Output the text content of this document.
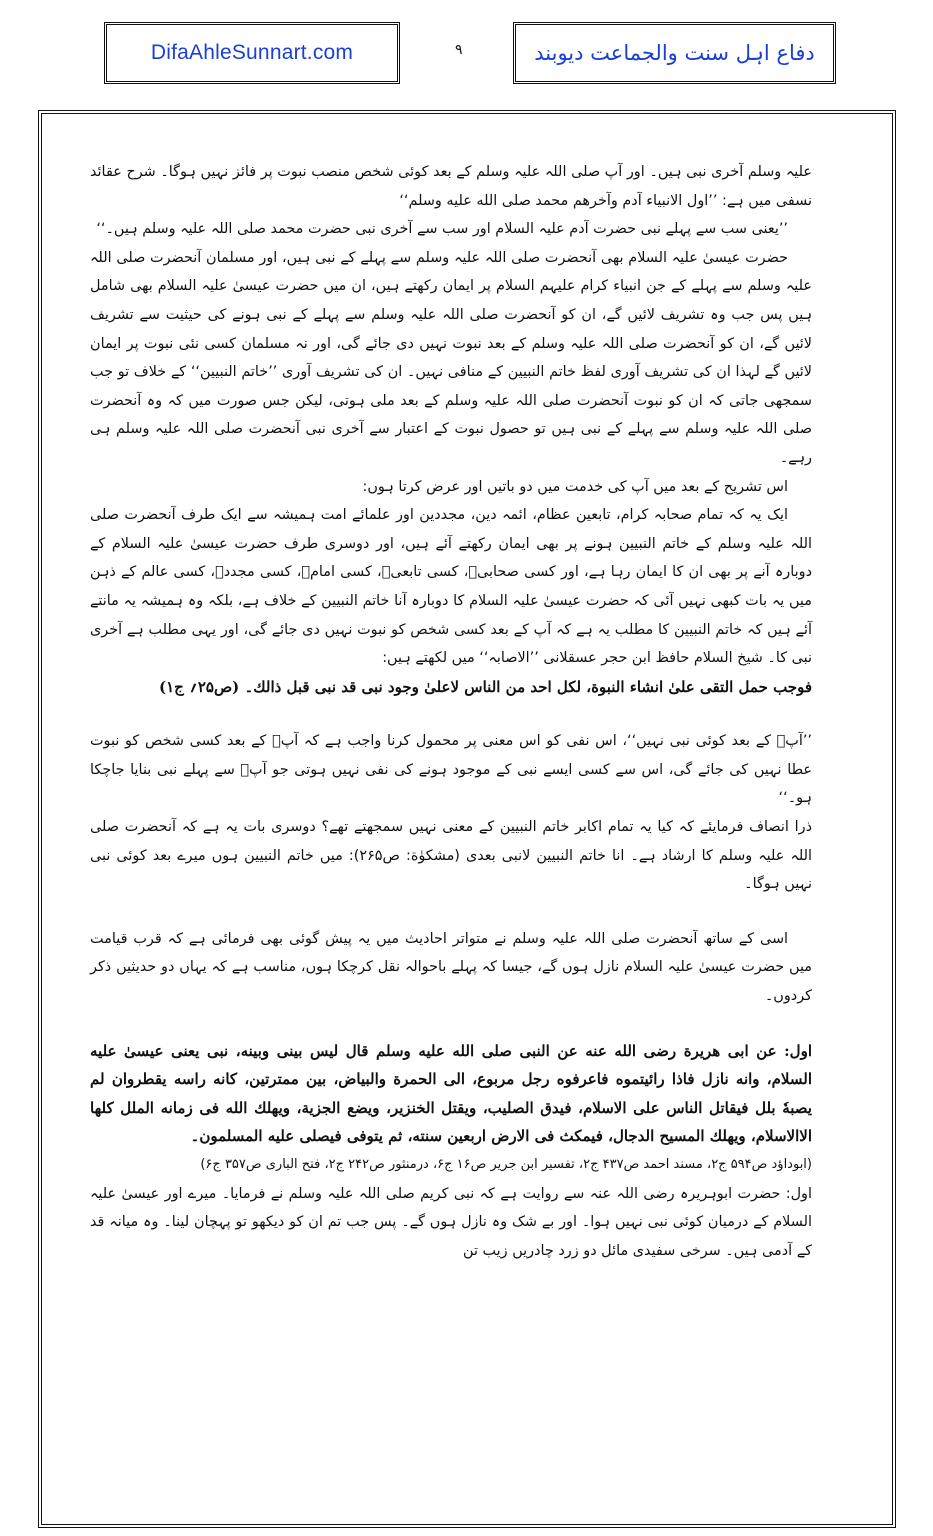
DifaAhleSunnart.com	۹	دفاع اہل سنت والجماعت دیوبند

علیہ وسلم آخری نبی ہیں۔ اور آپ صلی اللہ علیہ وسلم کے بعد کوئی شخص منصب نبوت پر فائز نہیں ہوگا۔ شرح عقائد نسفی میں ہے: ’’اول الانبیاء آدم وآخرهم محمد صلى الله عليه وسلم‘‘

’’یعنی سب سے پہلے نبی حضرت آدم علیہ السلام اور سب سے آخری نبی حضرت محمد صلی اللہ علیہ وسلم ہیں۔‘‘

حضرت عیسیٰ علیہ السلام بھی آنحضرت صلی اللہ علیہ وسلم سے پہلے کے نبی ہیں، اور مسلمان آنحضرت صلی اللہ علیہ وسلم سے پہلے کے جن انبیاء کرام علیہم السلام پر ایمان رکھتے ہیں، ان میں حضرت عیسیٰ علیہ السلام بھی شامل ہیں پس جب وہ تشریف لائیں گے، ان کو آنحضرت صلی اللہ علیہ وسلم سے پہلے کے نبی ہونے کی حیثیت سے تشریف لائیں گے، ان کو آنحضرت صلی اللہ علیہ وسلم کے بعد نبوت نہیں دی جائے گی، اور نہ مسلمان کسی نئی نبوت پر ایمان لائیں گے لہذا ان کی تشریف آوری لفظ خاتم النبیین کے منافی نہیں۔ ان کی تشریف آوری ’’خاتم النبیین‘‘ کے خلاف تو جب سمجھی جاتی کہ ان کو نبوت آنحضرت صلی اللہ علیہ وسلم کے بعد ملی ہوتی، لیکن جس صورت میں کہ وہ آنحضرت صلی اللہ علیہ وسلم سے پہلے کے نبی ہیں تو حصول نبوت کے اعتبار سے آخری نبی آنحضرت صلی اللہ علیہ وسلم ہی رہے۔

اس تشریح کے بعد میں آپ کی خدمت میں دو باتیں اور عرض کرتا ہوں:

ایک یہ کہ تمام صحابہ کرام، تابعین عظام، ائمہ دین، مجددین اور علمائے امت ہمیشہ سے ایک طرف آنحضرت صلی اللہ علیہ وسلم کے خاتم النبیین ہونے پر بھی ایمان رکھتے آئے ہیں، اور دوسری طرف حضرت عیسیٰ علیہ السلام کے دوبارہ آنے پر بھی ان کا ایمان رہا ہے، اور کسی صحابیؓ، کسی تابعیؒ، کسی امامؒ، کسی مجددؒ، کسی عالم کے ذہن میں یہ بات کبھی نہیں آئی کہ حضرت عیسیٰ علیہ السلام کا دوبارہ آنا خاتم النبیین کے خلاف ہے، بلکہ وہ ہمیشہ یہ مانتے آئے ہیں کہ خاتم النبیین کا مطلب یہ ہے کہ آپ کے بعد کسی شخص کو نبوت نہیں دی جائے گی، اور یہی مطلب ہے آخری نبی کا۔ شیخ السلام حافظ ابن حجر عسقلانی ’’الاصابہ‘‘ میں لکھتے ہیں:

فوجب حمل التقى علىٰ انشاء النبوة، لكل احد من الناس لاعلىٰ وجود نبى قد نبى قبل ذالك۔ (ص۲۵؍ ج۱)

’’آپؐ کے بعد کوئی نبی نہیں‘‘، اس نفی کو اس معنی پر محمول کرنا واجب ہے کہ آپؐ کے بعد کسی شخص کو نبوت عطا نہیں کی جائے گی، اس سے کسی ایسے نبی کے موجود ہونے کی نفی نہیں ہوتی جو آپؐ سے پہلے نبی بنایا جاچکا ہو۔‘‘

ذرا انصاف فرمایئے کہ کیا یہ تمام اکابر خاتم النبیین کے معنی نہیں سمجھتے تھے؟ دوسری بات یہ ہے کہ آنحضرت صلی اللہ علیہ وسلم کا ارشاد ہے۔ انا خاتم النبیین لانبی بعدی (مشکوٰة: ص۲۶۵): میں خاتم النبیین ہوں میرے بعد کوئی نبی نہیں ہوگا۔

اسی کے ساتھ آنحضرت صلی اللہ علیہ وسلم نے متواتر احادیث میں یہ پیش گوئی بھی فرمائی ہے کہ قرب قیامت میں حضرت عیسیٰ علیہ السلام نازل ہوں گے، جیسا کہ پہلے باحوالہ نقل کرچکا ہوں، مناسب ہے کہ یہاں دو حدیثیں ذکر کردوں۔

اول: عن ابى هريرة رضى الله عنه عن النبى صلى الله عليه وسلم قال ليس بينى وبينه، نبى يعنى عيسىٰ عليه السلام، وانه نازل فاذا رائيتموه فاعرفوه رجل مربوع، الى الحمرة والبياض، بين ممترتين، كانه راسه يقطروان لم يصبهٗ بلل فيقاتل الناس على الاسلام، فيدق الصليب، ويقتل الخنزير، ويضع الجزية، ويهلك الله فى زمانه الملل كلها الاالاسلام، ويهلك المسيح الدجال، فيمكث فى الارض اربعين سنته، ثم يتوفى فيصلى عليه المسلمون۔

(ابوداؤد ص۵۹۴ ج۲، مسند احمد ص۴۳۷ ج۲، تفسیر ابن جریر ص۱۶ ج۶، درمنثور ص۲۴۲ ج۲، فتح الباری ص۳۵۷ ج۶)

اول: حضرت ابوہریرہ رضی اللہ عنہ سے روایت ہے کہ نبی کریم صلی اللہ علیہ وسلم نے فرمایا۔ میرے اور عیسیٰ علیہ السلام کے درمیان کوئی نبی نہیں ہوا۔ اور بے شک وہ نازل ہوں گے۔ پس جب تم ان کو دیکھو تو پہچان لینا۔ وہ میانہ قد کے آدمی ہیں۔ سرخی سفیدی مائل دو زرد چادریں زیب تن
